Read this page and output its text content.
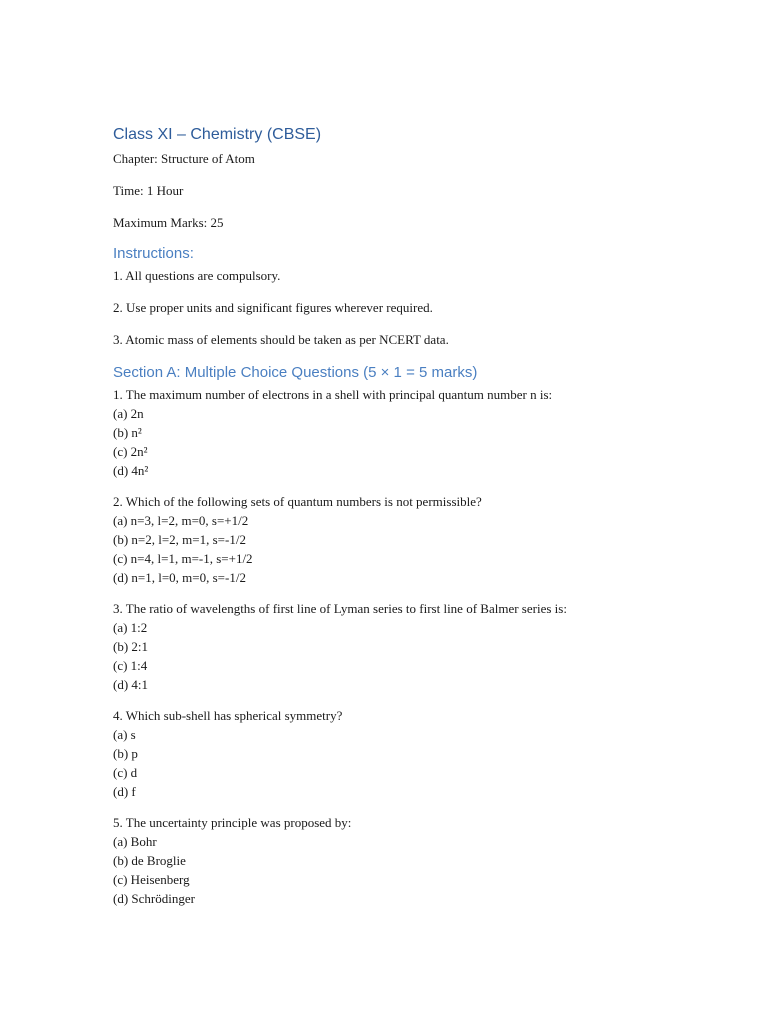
Class XI – Chemistry (CBSE)

Chapter: Structure of Atom

Time: 1 Hour

Maximum Marks: 25

Instructions:

1. All questions are compulsory.

2. Use proper units and significant figures wherever required.

3. Atomic mass of elements should be taken as per NCERT data.

Section A: Multiple Choice Questions (5 × 1 = 5 marks)

1. The maximum number of electrons in a shell with principal quantum number n is:

(a) 2n

(b) n²

(c) 2n²

(d) 4n²

2. Which of the following sets of quantum numbers is not permissible?

(a) n=3, l=2, m=0, s=+1/2

(b) n=2, l=2, m=1, s=-1/2

(c) n=4, l=1, m=-1, s=+1/2

(d) n=1, l=0, m=0, s=-1/2

3. The ratio of wavelengths of first line of Lyman series to first line of Balmer series is:

(a) 1:2

(b) 2:1

(c) 1:4

(d) 4:1

4. Which sub-shell has spherical symmetry?

(a) s

(b) p

(c) d

(d) f

5. The uncertainty principle was proposed by:

(a) Bohr

(b) de Broglie

(c) Heisenberg

(d) Schrödinger
